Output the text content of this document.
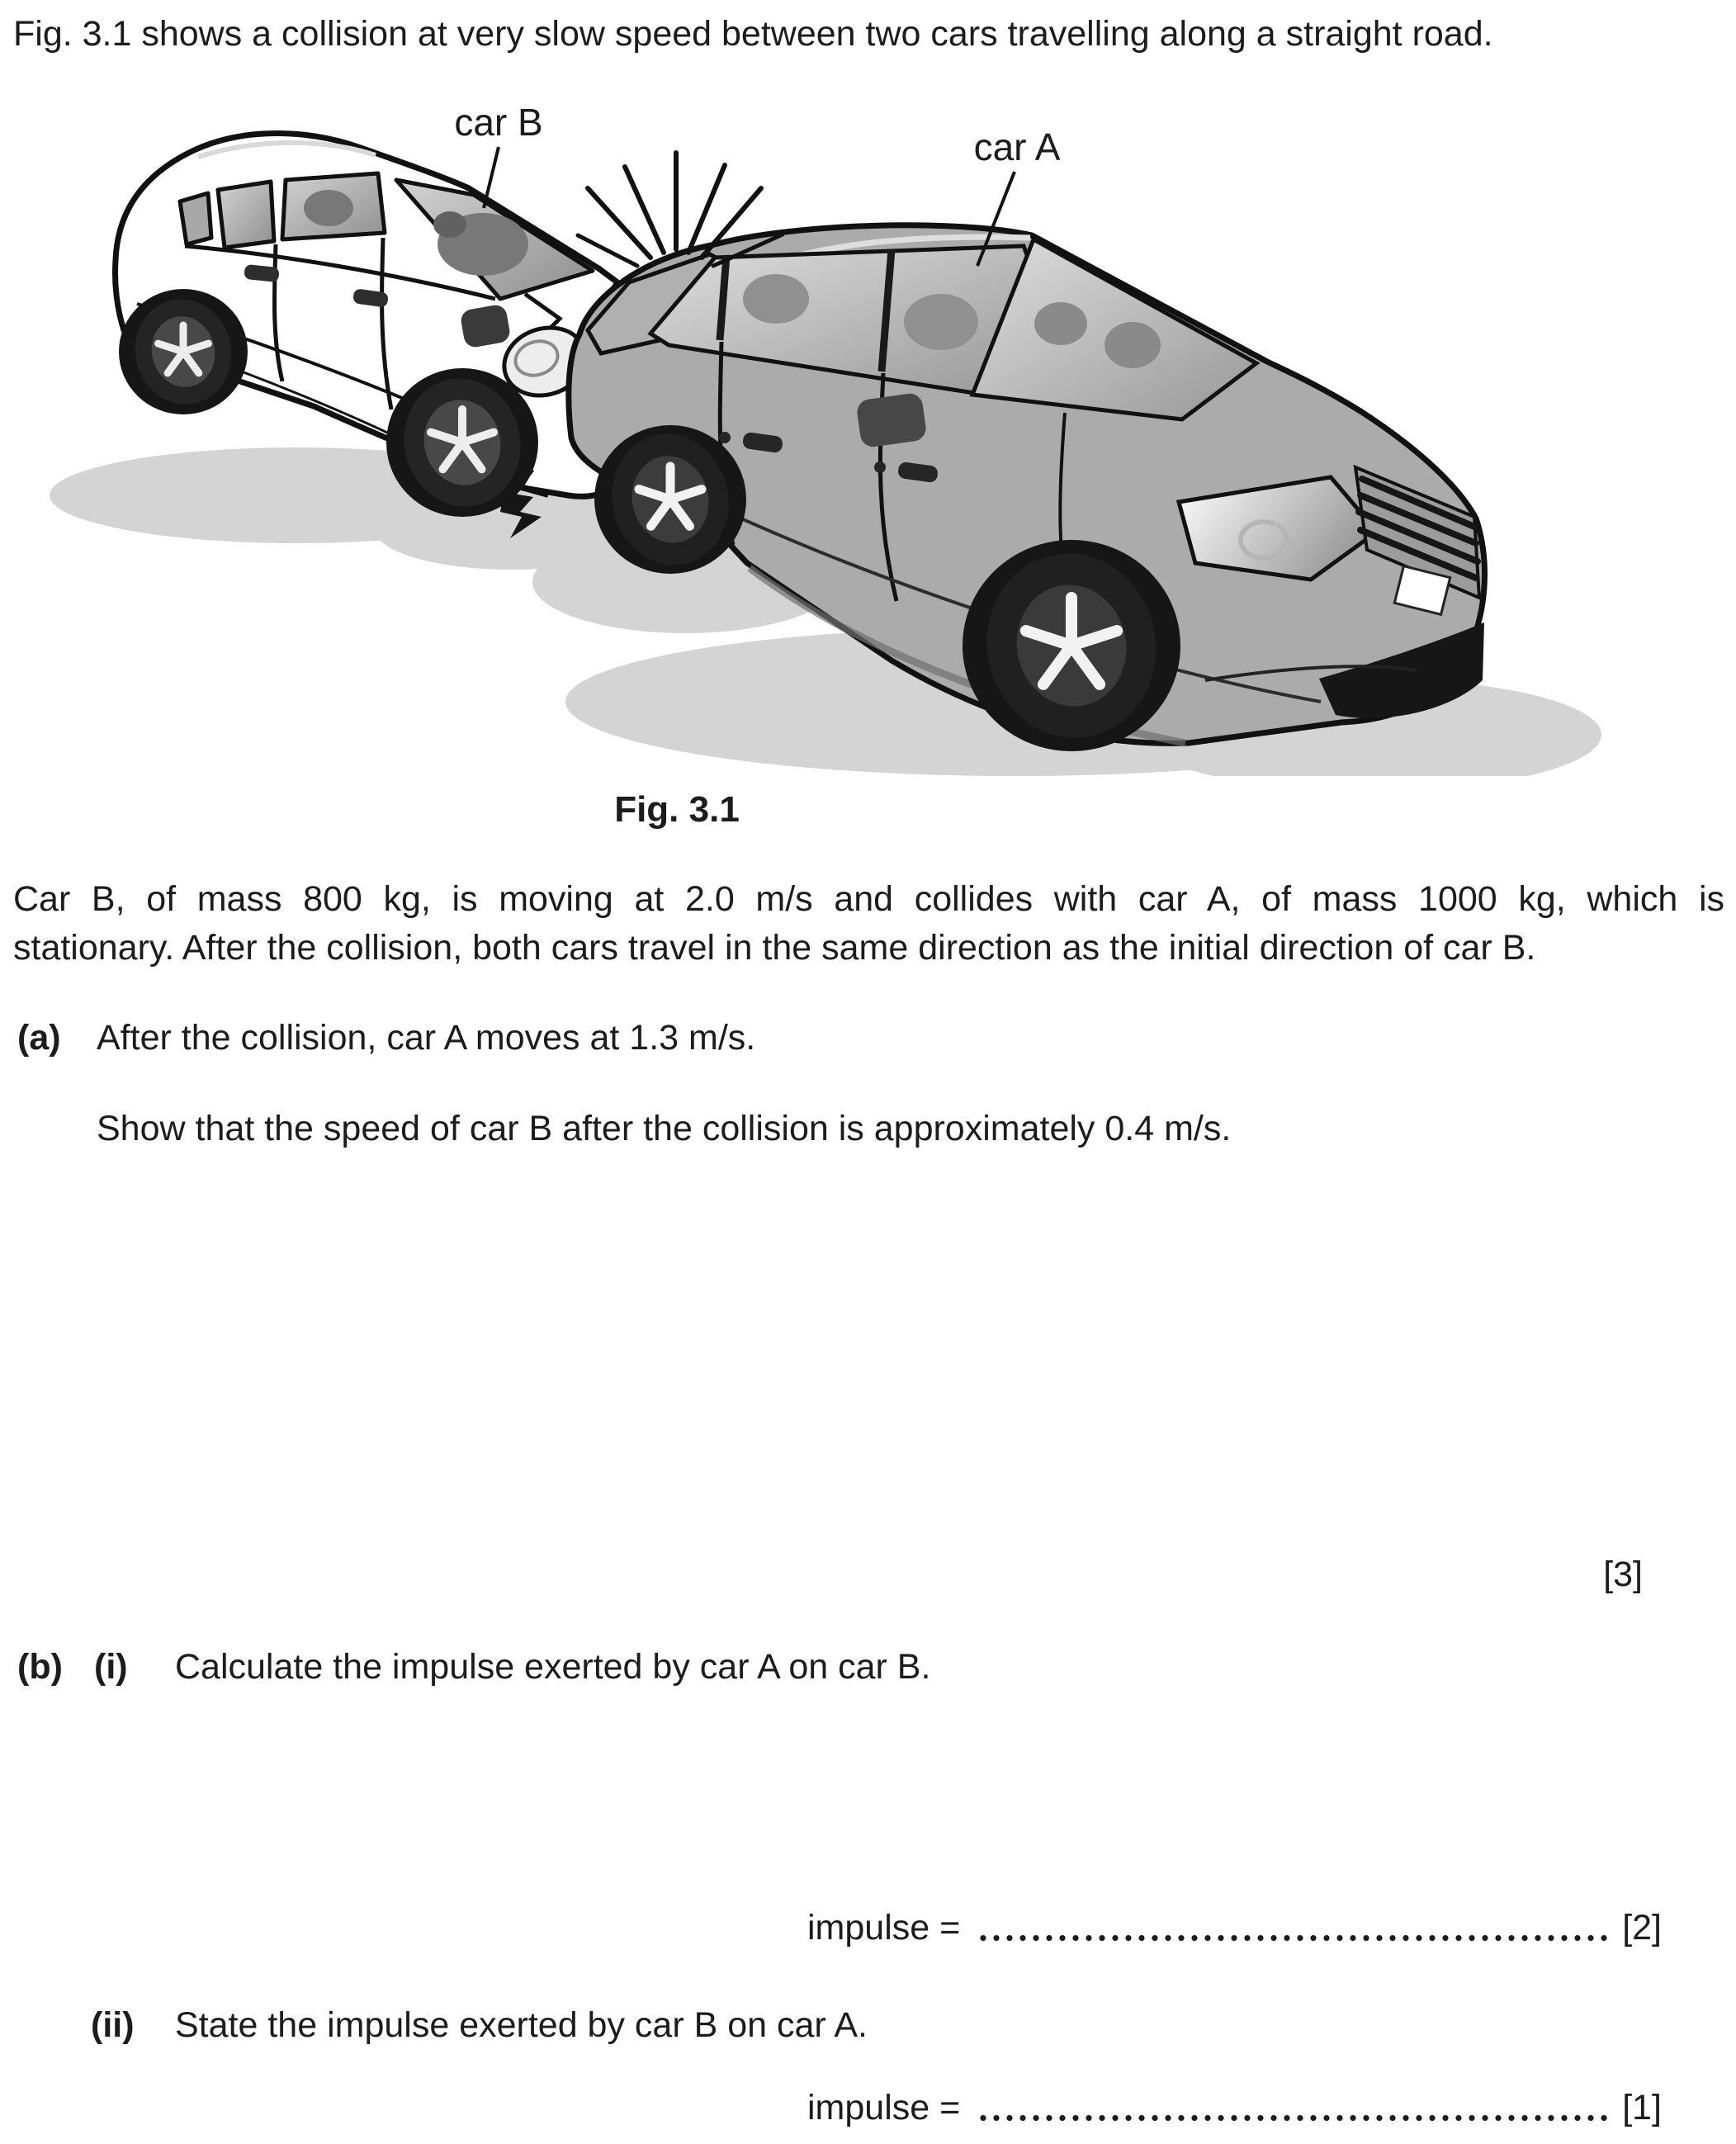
Fig. 3.1 shows a collision at very slow speed between two cars travelling along a straight road.
car B
car A
Fig. 3.1
Car B, of mass 800 kg, is moving at 2.0 m/s and collides with car A, of mass 1000 kg, which is
stationary. After the collision, both cars travel in the same direction as the initial direction of car B.
(a) After the collision, car A moves at 1.3 m/s.
Show that the speed of car B after the collision is approximately 0.4 m/s.
[3]
(b) (i) Calculate the impulse exerted by car A on car B.
impulse =	[2]
(ii) State the impulse exerted by car B on car A.
impulse =	[1]
